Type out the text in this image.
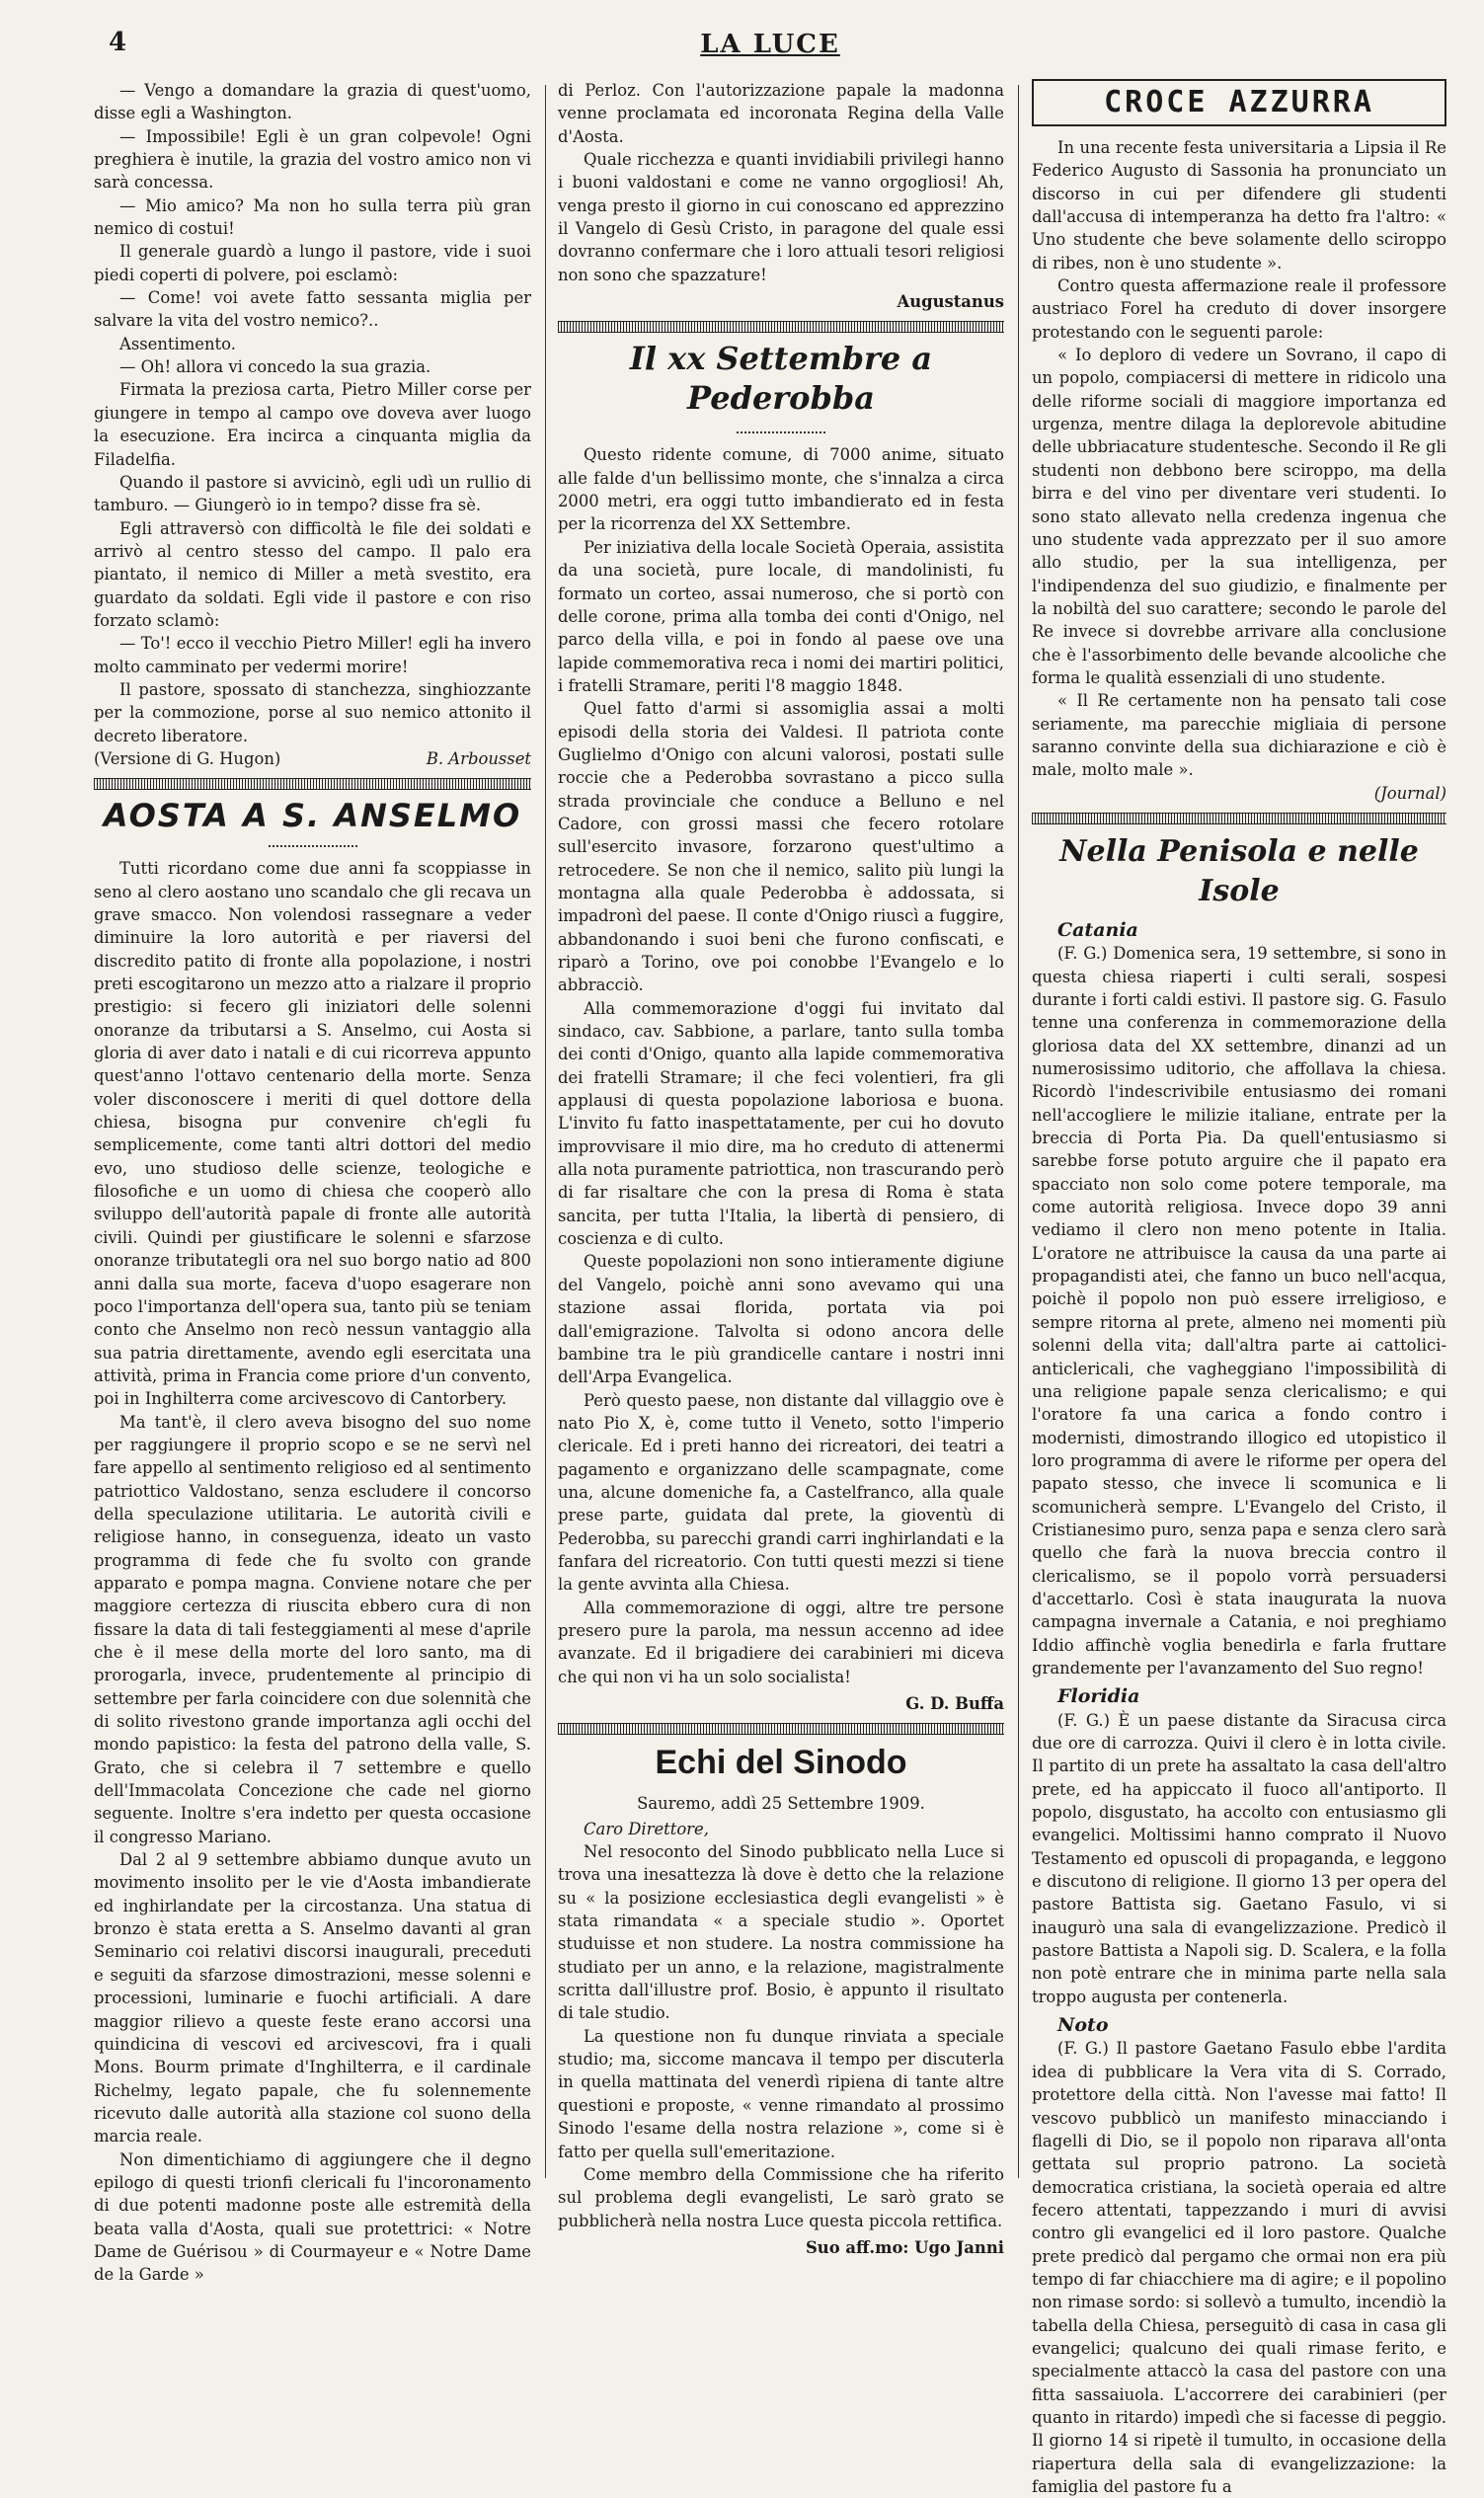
4	LA LUCE

— Vengo a domandare la grazia di quest'uomo, disse egli a Washington.

— Impossibile! Egli è un gran colpevole! Ogni preghiera è inutile, la grazia del vostro amico non vi sarà concessa.

— Mio amico? Ma non ho sulla terra più gran nemico di costui!

Il generale guardò a lungo il pastore, vide i suoi piedi coperti di polvere, poi esclamò:

— Come! voi avete fatto sessanta miglia per salvare la vita del vostro nemico?..

Assentimento.

— Oh! allora vi concedo la sua grazia.

Firmata la preziosa carta, Pietro Miller corse per giungere in tempo al campo ove doveva aver luogo la esecuzione. Era incirca a cinquanta miglia da Filadelfia.

Quando il pastore si avvicinò, egli udì un rullio di tamburo. — Giungerò io in tempo? disse fra sè.

Egli attraversò con difficoltà le file dei soldati e arrivò al centro stesso del campo. Il palo era piantato, il nemico di Miller a metà svestito, era guardato da soldati. Egli vide il pastore e con riso forzato sclamò:

— To'! ecco il vecchio Pietro Miller! egli ha invero molto camminato per vedermi morire!

Il pastore, spossato di stanchezza, singhiozzante per la commozione, porse al suo nemico attonito il decreto liberatore.

(Versione di G. Hugon)	B. Arbousset
AOSTA A S. ANSELMO

Tutti ricordano come due anni fa scoppiasse in seno al clero aostano uno scandalo che gli recava un grave smacco. Non volendosi rassegnare a veder diminuire la loro autorità e per riaversi del discredito patito di fronte alla popolazione, i nostri preti escogitarono un mezzo atto a rialzare il proprio prestigio: si fecero gli iniziatori delle solenni onoranze da tributarsi a S. Anselmo, cui Aosta si gloria di aver dato i natali e di cui ricorreva appunto quest'anno l'ottavo centenario della morte. Senza voler disconoscere i meriti di quel dottore della chiesa, bisogna pur convenire ch'egli fu semplicemente, come tanti altri dottori del medio evo, uno studioso delle scienze, teologiche e filosofiche e un uomo di chiesa che cooperò allo sviluppo dell'autorità papale di fronte alle autorità civili. Quindi per giustificare le solenni e sfarzose onoranze tributategli ora nel suo borgo natio ad 800 anni dalla sua morte, faceva d'uopo esagerare non poco l'importanza dell'opera sua, tanto più se teniam conto che Anselmo non recò nessun vantaggio alla sua patria direttamente, avendo egli esercitata una attività, prima in Francia come priore d'un convento, poi in Inghilterra come arcivescovo di Cantorbery.

Ma tant'è, il clero aveva bisogno del suo nome per raggiungere il proprio scopo e se ne servì nel fare appello al sentimento religioso ed al sentimento patriottico Valdostano, senza escludere il concorso della speculazione utilitaria. Le autorità civili e religiose hanno, in conseguenza, ideato un vasto programma di fede che fu svolto con grande apparato e pompa magna. Conviene notare che per maggiore certezza di riuscita ebbero cura di non fissare la data di tali festeggiamenti al mese d'aprile che è il mese della morte del loro santo, ma di prorogarla, invece, prudentemente al principio di settembre per farla coincidere con due solennità che di solito rivestono grande importanza agli occhi del mondo papistico: la festa del patrono della valle, S. Grato, che si celebra il 7 settembre e quello dell'Immacolata Concezione che cade nel giorno seguente. Inoltre s'era indetto per questa occasione il congresso Mariano.

Dal 2 al 9 settembre abbiamo dunque avuto un movimento insolito per le vie d'Aosta imbandierate ed inghirlandate per la circostanza. Una statua di bronzo è stata eretta a S. Anselmo davanti al gran Seminario coi relativi discorsi inaugurali, preceduti e seguiti da sfarzose dimostrazioni, messe solenni e processioni, luminarie e fuochi artificiali. A dare maggior rilievo a queste feste erano accorsi una quindicina di vescovi ed arcivescovi, fra i quali Mons. Bourm primate d'Inghilterra, e il cardinale Richelmy, legato papale, che fu solennemente ricevuto dalle autorità alla stazione col suono della marcia reale.

Non dimentichiamo di aggiungere che il degno epilogo di questi trionfi clericali fu l'incoronamento di due potenti madonne poste alle estremità della beata valla d'Aosta, quali sue protettrici: « Notre Dame de Guérisou » di Courmayeur e « Notre Dame de la Garde »

di Perloz. Con l'autorizzazione papale la madonna venne proclamata ed incoronata Regina della Valle d'Aosta.

Quale ricchezza e quanti invidiabili privilegi hanno i buoni valdostani e come ne vanno orgogliosi! Ah, venga presto il giorno in cui conoscano ed apprezzino il Vangelo di Gesù Cristo, in paragone del quale essi dovranno confermare che i loro attuali tesori religiosi non sono che spazzature!

Augustanus
Il xx Settembre a Pederobba

Questo ridente comune, di 7000 anime, situato alle falde d'un bellissimo monte, che s'innalza a circa 2000 metri, era oggi tutto imbandierato ed in festa per la ricorrenza del XX Settembre.

Per iniziativa della locale Società Operaia, assistita da una società, pure locale, di mandolinisti, fu formato un corteo, assai numeroso, che si portò con delle corone, prima alla tomba dei conti d'Onigo, nel parco della villa, e poi in fondo al paese ove una lapide commemorativa reca i nomi dei martiri politici, i fratelli Stramare, periti l'8 maggio 1848.

Quel fatto d'armi si assomiglia assai a molti episodi della storia dei Valdesi. Il patriota conte Guglielmo d'Onigo con alcuni valorosi, postati sulle roccie che a Pederobba sovrastano a picco sulla strada provinciale che conduce a Belluno e nel Cadore, con grossi massi che fecero rotolare sull'esercito invasore, forzarono quest'ultimo a retrocedere. Se non che il nemico, salito più lungi la montagna alla quale Pederobba è addossata, si impadronì del paese. Il conte d'Onigo riuscì a fuggire, abbandonando i suoi beni che furono confiscati, e riparò a Torino, ove poi conobbe l'Evangelo e lo abbracciò.

Alla commemorazione d'oggi fui invitato dal sindaco, cav. Sabbione, a parlare, tanto sulla tomba dei conti d'Onigo, quanto alla lapide commemorativa dei fratelli Stramare; il che feci volentieri, fra gli applausi di questa popolazione laboriosa e buona. L'invito fu fatto inaspettatamente, per cui ho dovuto improvvisare il mio dire, ma ho creduto di attenermi alla nota puramente patriottica, non trascurando però di far risaltare che con la presa di Roma è stata sancita, per tutta l'Italia, la libertà di pensiero, di coscienza e di culto.

Queste popolazioni non sono intieramente digiune del Vangelo, poichè anni sono avevamo qui una stazione assai florida, portata via poi dall'emigrazione. Talvolta si odono ancora delle bambine tra le più grandicelle cantare i nostri inni dell'Arpa Evangelica.

Però questo paese, non distante dal villaggio ove è nato Pio X, è, come tutto il Veneto, sotto l'imperio clericale. Ed i preti hanno dei ricreatori, dei teatri a pagamento e organizzano delle scampagnate, come una, alcune domeniche fa, a Castelfranco, alla quale prese parte, guidata dal prete, la gioventù di Pederobba, su parecchi grandi carri inghirlandati e la fanfara del ricreatorio. Con tutti questi mezzi si tiene la gente avvinta alla Chiesa.

Alla commemorazione di oggi, altre tre persone presero pure la parola, ma nessun accenno ad idee avanzate. Ed il brigadiere dei carabinieri mi diceva che qui non vi ha un solo socialista!

G. D. Buffa
Echi del Sinodo
Sauremo, addì 25 Settembre 1909.
Caro Direttore,

Nel resoconto del Sinodo pubblicato nella Luce si trova una inesattezza là dove è detto che la relazione su « la posizione ecclesiastica degli evangelisti » è stata rimandata « a speciale studio ». Oportet studuisse et non studere. La nostra commissione ha studiato per un anno, e la relazione, magistralmente scritta dall'illustre prof. Bosio, è appunto il risultato di tale studio.

La questione non fu dunque rinviata a speciale studio; ma, siccome mancava il tempo per discuterla in quella mattinata del venerdì ripiena di tante altre questioni e proposte, « venne rimandato al prossimo Sinodo l'esame della nostra relazione », come si è fatto per quella sull'emeritazione.

Come membro della Commissione che ha riferito sul problema degli evangelisti, Le sarò grato se pubblicherà nella nostra Luce questa piccola rettifica.

Suo aff.mo: Ugo Janni
CROCE AZZURRA

In una recente festa universitaria a Lipsia il Re Federico Augusto di Sassonia ha pronunciato un discorso in cui per difendere gli studenti dall'accusa di intemperanza ha detto fra l'altro: « Uno studente che beve solamente dello sciroppo di ribes, non è uno studente ».

Contro questa affermazione reale il professore austriaco Forel ha creduto di dover insorgere protestando con le seguenti parole:

« Io deploro di vedere un Sovrano, il capo di un popolo, compiacersi di mettere in ridicolo una delle riforme sociali di maggiore importanza ed urgenza, mentre dilaga la deplorevole abitudine delle ubbriacature studentesche. Secondo il Re gli studenti non debbono bere sciroppo, ma della birra e del vino per diventare veri studenti. Io sono stato allevato nella credenza ingenua che uno studente vada apprezzato per il suo amore allo studio, per la sua intelligenza, per l'indipendenza del suo giudizio, e finalmente per la nobiltà del suo carattere; secondo le parole del Re invece si dovrebbe arrivare alla conclusione che è l'assorbimento delle bevande alcooliche che forma le qualità essenziali di uno studente.

« Il Re certamente non ha pensato tali cose seriamente, ma parecchie migliaia di persone saranno convinte della sua dichiarazione e ciò è male, molto male ».

(Journal)
Nella Penisola e nelle Isole
Catania

(F. G.) Domenica sera, 19 settembre, si sono in questa chiesa riaperti i culti serali, sospesi durante i forti caldi estivi. Il pastore sig. G. Fasulo tenne una conferenza in commemorazione della gloriosa data del XX settembre, dinanzi ad un numerosissimo uditorio, che affollava la chiesa. Ricordò l'indescrivibile entusiasmo dei romani nell'accogliere le milizie italiane, entrate per la breccia di Porta Pia. Da quell'entusiasmo si sarebbe forse potuto arguire che il papato era spacciato non solo come potere temporale, ma come autorità religiosa. Invece dopo 39 anni vediamo il clero non meno potente in Italia. L'oratore ne attribuisce la causa da una parte ai propagandisti atei, che fanno un buco nell'acqua, poichè il popolo non può essere irreligioso, e sempre ritorna al prete, almeno nei momenti più solenni della vita; dall'altra parte ai cattolici-anticlericali, che vagheggiano l'impossibilità di una religione papale senza clericalismo; e qui l'oratore fa una carica a fondo contro i modernisti, dimostrando illogico ed utopistico il loro programma di avere le riforme per opera del papato stesso, che invece li scomunica e li scomunicherà sempre. L'Evangelo del Cristo, il Cristianesimo puro, senza papa e senza clero sarà quello che farà la nuova breccia contro il clericalismo, se il popolo vorrà persuadersi d'accettarlo. Così è stata inaugurata la nuova campagna invernale a Catania, e noi preghiamo Iddio affinchè voglia benedirla e farla fruttare grandemente per l'avanzamento del Suo regno!

Floridia

(F. G.) È un paese distante da Siracusa circa due ore di carrozza. Quivi il clero è in lotta civile. Il partito di un prete ha assaltato la casa dell'altro prete, ed ha appiccato il fuoco all'antiporto. Il popolo, disgustato, ha accolto con entusiasmo gli evangelici. Moltissimi hanno comprato il Nuovo Testamento ed opuscoli di propaganda, e leggono e discutono di religione. Il giorno 13 per opera del pastore Battista sig. Gaetano Fasulo, vi si inaugurò una sala di evangelizzazione. Predicò il pastore Battista a Napoli sig. D. Scalera, e la folla non potè entrare che in minima parte nella sala troppo augusta per contenerla.

Noto

(F. G.) Il pastore Gaetano Fasulo ebbe l'ardita idea di pubblicare la Vera vita di S. Corrado, protettore della città. Non l'avesse mai fatto! Il vescovo pubblicò un manifesto minacciando i flagelli di Dio, se il popolo non riparava all'onta gettata sul proprio patrono. La società democratica cristiana, la società operaia ed altre fecero attentati, tappezzando i muri di avvisi contro gli evangelici ed il loro pastore. Qualche prete predicò dal pergamo che ormai non era più tempo di far chiacchiere ma di agire; e il popolino non rimase sordo: si sollevò a tumulto, incendiò la tabella della Chiesa, perseguitò di casa in casa gli evangelici; qualcuno dei quali rimase ferito, e specialmente attaccò la casa del pastore con una fitta sassaiuola. L'accorrere dei carabinieri (per quanto in ritardo) impedì che si facesse di peggio. Il giorno 14 si ripetè il tumulto, in occasione della riapertura della sala di evangelizzazione: la famiglia del pastore fu a
